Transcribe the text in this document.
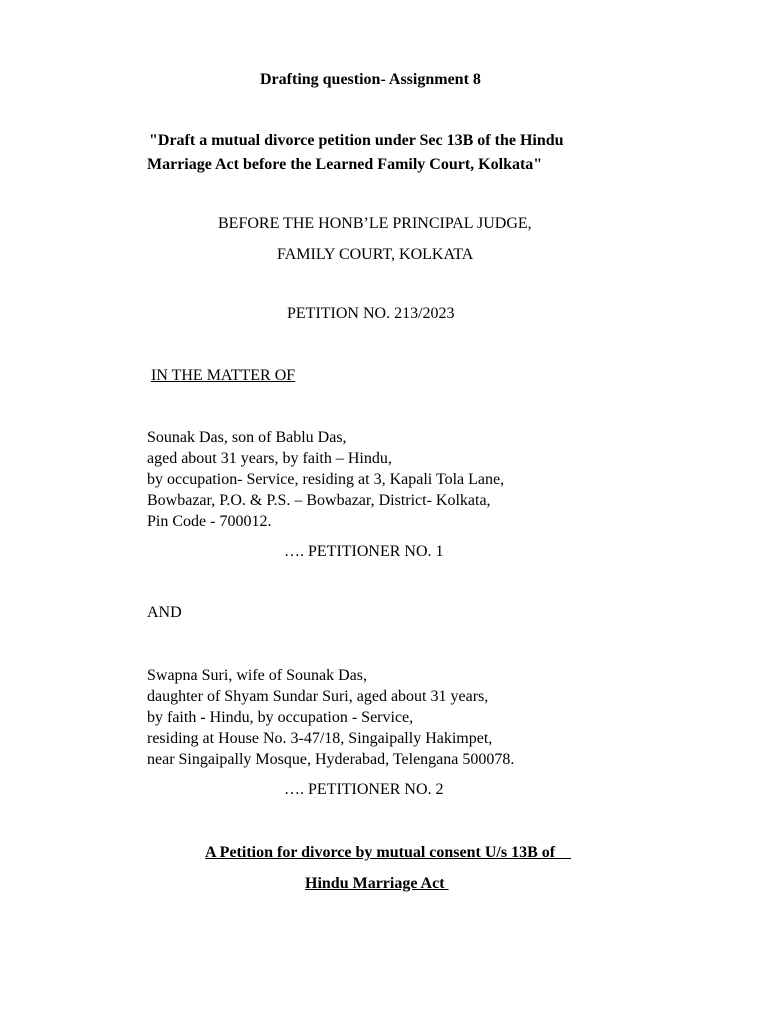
Drafting question- Assignment 8
"Draft a mutual divorce petition under Sec 13B of the Hindu
Marriage Act before the Learned Family Court, Kolkata"
BEFORE THE HONB’LE PRINCIPAL JUDGE,
FAMILY COURT, KOLKATA
PETITION NO. 213/2023
IN THE MATTER OF
Sounak Das, son of Bablu Das,
aged about 31 years, by faith – Hindu,
by occupation- Service, residing at 3, Kapali Tola Lane,
Bowbazar, P.O. & P.S. – Bowbazar, District- Kolkata,
Pin Code - 700012.
…. PETITIONER NO. 1
AND
Swapna Suri, wife of Sounak Das,
daughter of Shyam Sundar Suri, aged about 31 years,
by faith - Hindu, by occupation - Service,
residing at House No. 3-47/18, Singaipally Hakimpet,
near Singaipally Mosque, Hyderabad, Telengana 500078.
…. PETITIONER NO. 2
A Petition for divorce by mutual consent U/s 13B of
Hindu Marriage Act
